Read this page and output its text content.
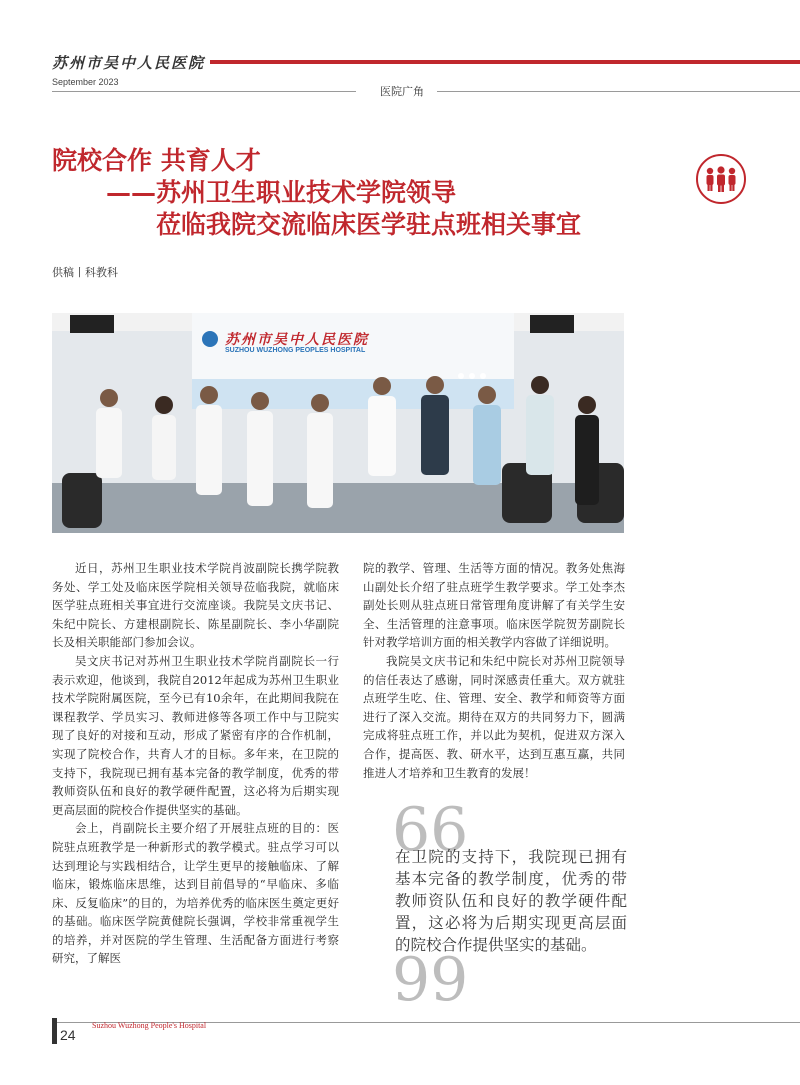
苏州市吴中人民医院
September 2023
医院广角
院校合作 共育人才
——苏州卫生职业技术学院领导
莅临我院交流临床医学驻点班相关事宜
供稿丨科教科
苏州市吴中人民医院
SUZHOU WUZHONG PEOPLES HOSPITAL

近日，苏州卫生职业技术学院肖波副院长携学院教务处、学工处及临床医学院相关领导莅临我院，就临床医学驻点班相关事宜进行交流座谈。我院吴文庆书记、朱纪中院长、方建根副院长、陈星副院长、李小华副院长及相关职能部门参加会议。

吴文庆书记对苏州卫生职业技术学院肖副院长一行表示欢迎，他谈到，我院自2012年起成为苏州卫生职业技术学院附属医院，至今已有10余年，在此期间我院在课程教学、学员实习、教师进修等各项工作中与卫院实现了良好的对接和互动，形成了紧密有序的合作机制，实现了院校合作，共育人才的目标。多年来，在卫院的支持下，我院现已拥有基本完备的教学制度，优秀的带教师资队伍和良好的教学硬件配置，这必将为后期实现更高层面的院校合作提供坚实的基础。

会上，肖副院长主要介绍了开展驻点班的目的：医院驻点班教学是一种新形式的教学模式。驻点学习可以达到理论与实践相结合，让学生更早的接触临床、了解临床，锻炼临床思维，达到目前倡导的“早临床、多临床、反复临床”的目的，为培养优秀的临床医生奠定更好的基础。临床医学院黄健院长强调，学校非常重视学生的培养，并对医院的学生管理、生活配备方面进行考察研究，了解医

院的教学、管理、生活等方面的情况。教务处焦海山副处长介绍了驻点班学生教学要求。学工处李杰副处长则从驻点班日常管理角度讲解了有关学生安全、生活管理的注意事项。临床医学院贺芳副院长针对教学培训方面的相关教学内容做了详细说明。

我院吴文庆书记和朱纪中院长对苏州卫院领导的信任表达了感谢，同时深感责任重大。双方就驻点班学生吃、住、管理、安全、教学和师资等方面进行了深入交流。期待在双方的共同努力下，圆满完成将驻点班工作，并以此为契机，促进双方深入合作，提高医、教、研水平，达到互惠互赢，共同推进人才培养和卫生教育的发展！

66
在卫院的支持下，我院现已拥有基本完备的教学制度，优秀的带教师资队伍和良好的教学硬件配置，这必将为后期实现更高层面的院校合作提供坚实的基础。
99
24
Suzhou Wuzhong People's Hospital
